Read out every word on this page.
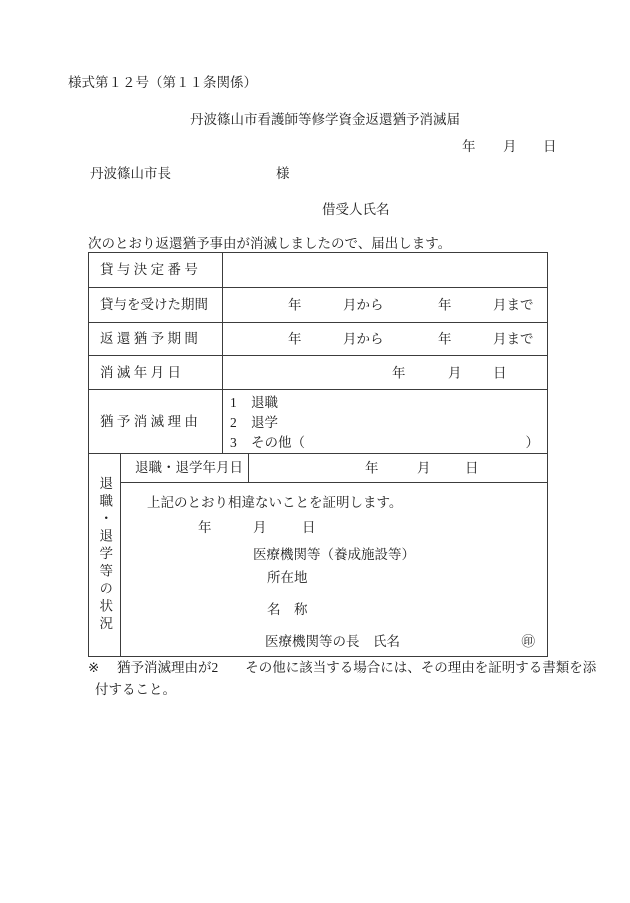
様式第１２号（第１１条関係）
丹波篠山市看護師等修学資金返還猶予消滅届
年 月 日
丹波篠山市長	様
借受人氏名
次のとおり返還猶予事由が消滅しましたので、届出します。
貸 与 決 定 番 号
貸与を受けた期間	年	月から	年	月まで
返 還 猶 予 期 間	年	月から	年	月まで
消 滅 年 月 日	年	月 日
猶 予 消 滅 理 由
1	退職
2	退学
3	その他（	）
退職・退学等の状況
退職・退学年月日	年	月	日
上記のとおり相違ないことを証明します。
年	月	日
医療機関等（養成施設等）
所在地
名　称
医療機関等の長　氏名	㊞
※ 猶予消滅理由が2　　その他に該当する場合には、その理由を証明する書類を添
付すること。
